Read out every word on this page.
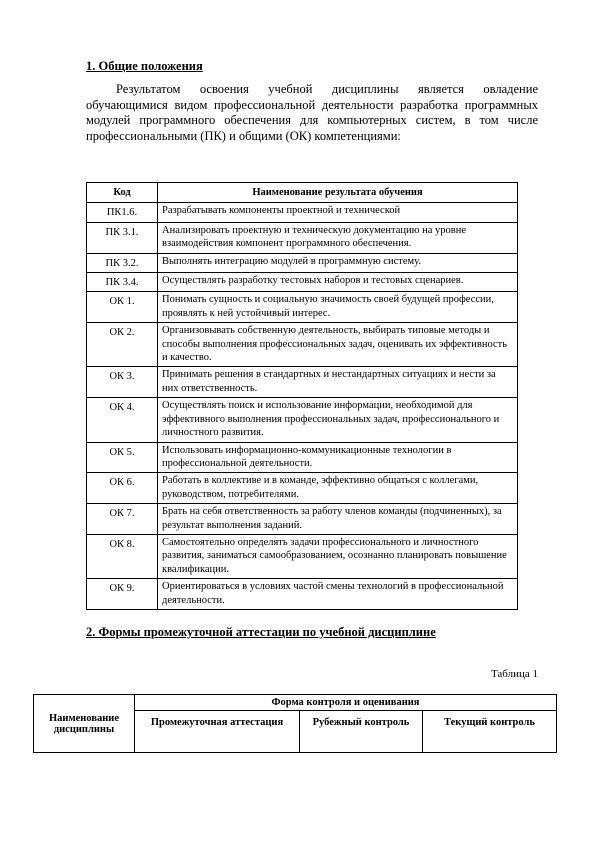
1. Общие положения
Результатом освоения учебной дисциплины является овладение обучающимися видом профессиональной деятельности разработка программных модулей программного обеспечения для компьютерных систем, в том числе профессиональными (ПК) и общими (ОК) компетенциями:
Код	Наименование результата обучения
ПК1.6.	Разрабатывать компоненты проектной и технической
ПК 3.1.	Анализировать проектную и техническую документацию на уровне взаимодействия компонент программного обеспечения.
ПК 3.2.	Выполнять интеграцию модулей в программную систему.
ПК 3.4.	Осуществлять разработку тестовых наборов и тестовых сценариев.
ОК 1.	Понимать сущность и социальную значимость своей будущей профессии, проявлять к ней устойчивый интерес.
ОК 2.	Организовывать собственную деятельность, выбирать типовые методы и способы выполнения профессиональных задач, оценивать их эффективность и качество.
ОК 3.	Принимать решения в стандартных и нестандартных ситуациях и нести за них ответственность.
ОК 4.	Осуществлять поиск и использование информации, необходимой для эффективного выполнения профессиональных задач, профессионального и личностного развития.
ОК 5.	Использовать информационно-коммуникационные технологии в профессиональной деятельности.
ОК 6.	Работать в коллективе и в команде, эффективно общаться с коллегами, руководством, потребителями.
ОК 7.	Брать на себя ответственность за работу членов команды (подчиненных), за результат выполнения заданий.
ОК 8.	Самостоятельно определять задачи профессионального и личностного развития, заниматься самообразованием, осознанно планировать повышение квалификации.
ОК 9.	Ориентироваться в условиях частой смены технологий в профессиональной деятельности.
2. Формы промежуточной аттестации по учебной дисциплине
Таблица 1
Наименование дисциплины	Форма контроля и оценивания		
	Промежуточная аттестация	Рубежный контроль	Текущий контроль
